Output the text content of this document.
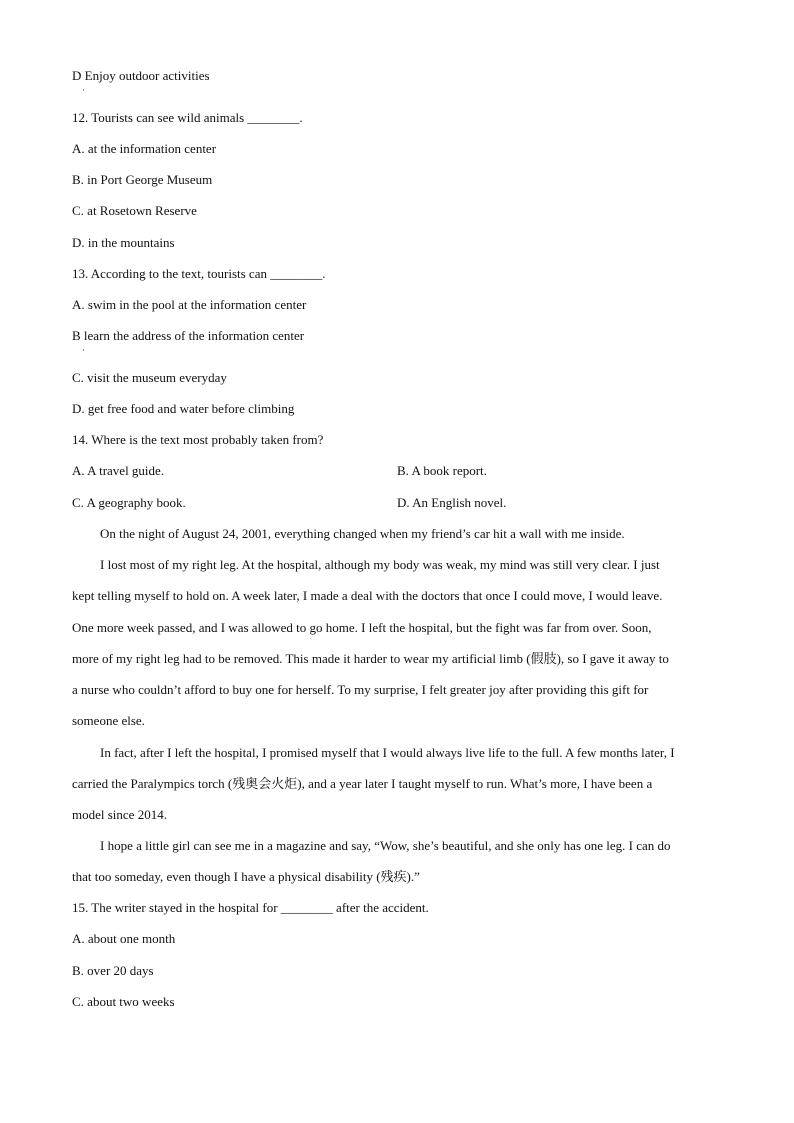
D Enjoy outdoor activities
·
12. Tourists can see wild animals ________.
A. at the information center
B. in Port George Museum
C. at Rosetown Reserve
D. in the mountains
13. According to the text, tourists can ________.
A. swim in the pool at the information center
B learn the address of the information center
·
C. visit the museum everyday
D. get free food and water before climbing
14. Where is the text most probably taken from?
A. A travel guide.	B. A book report.
C. A geography book.	D. An English novel.
On the night of August 24, 2001, everything changed when my friend’s car hit a wall with me inside.
I lost most of my right leg. At the hospital, although my body was weak, my mind was still very clear. I just
kept telling myself to hold on. A week later, I made a deal with the doctors that once I could move, I would leave.
One more week passed, and I was allowed to go home. I left the hospital, but the fight was far from over. Soon,
more of my right leg had to be removed. This made it harder to wear my artificial limb (假肢), so I gave it away to
a nurse who couldn’t afford to buy one for herself. To my surprise, I felt greater joy after providing this gift for
someone else.
In fact, after I left the hospital, I promised myself that I would always live life to the full. A few months later, I
carried the Paralympics torch (残奥会火炬), and a year later I taught myself to run. What’s more, I have been a
model since 2014.
I hope a little girl can see me in a magazine and say, “Wow, she’s beautiful, and she only has one leg. I can do
that too someday, even though I have a physical disability (残疾).”
15. The writer stayed in the hospital for ________ after the accident.
A. about one month
B. over 20 days
C. about two weeks
